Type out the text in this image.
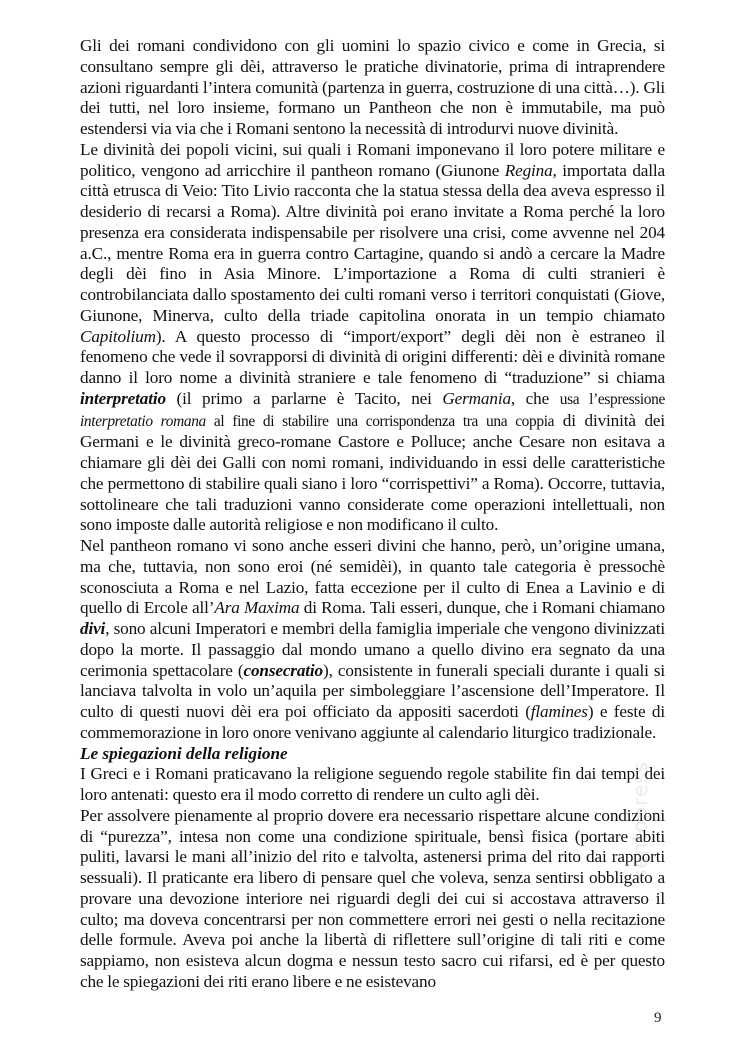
Gli dei romani condividono con gli uomini lo spazio civico e come in Grecia, si consultano sempre gli dèi, attraverso le pratiche divinatorie, prima di intraprendere azioni riguardanti l’intera comunità (partenza in guerra, costruzione di una città…). Gli dei tutti, nel loro insieme, formano un Pantheon che non è immutabile, ma può estendersi via via che i Romani sentono la necessità di introdurvi nuove divinità.

Le divinità dei popoli vicini, sui quali i Romani imponevano il loro potere militare e politico, vengono ad arricchire il pantheon romano (Giunone Regina, importata dalla città etrusca di Veio: Tito Livio racconta che la statua stessa della dea aveva espresso il desiderio di recarsi a Roma). Altre divinità poi erano invitate a Roma perché la loro presenza era considerata indispensabile per risolvere una crisi, come avvenne nel 204 a.C., mentre Roma era in guerra contro Cartagine, quando si andò a cercare la Madre degli dèi fino in Asia Minore. L’importazione a Roma di culti stranieri è controbilanciata dallo spostamento dei culti romani verso i territori conquistati (Giove, Giunone, Minerva, culto della triade capitolina onorata in un tempio chiamato Capitolium). A questo processo di “import/export” degli dèi non è estraneo il fenomeno che vede il sovrapporsi di divinità di origini differenti: dèi e divinità romane danno il loro nome a divinità straniere e tale fenomeno di “traduzione” si chiama interpretatio (il primo a parlarne è Tacito, nei Germania, che usa l’espressione interpretatio romana al fine di stabilire una corrispondenza tra una coppia di divinità dei Germani e le divinità greco-romane Castore e Polluce; anche Cesare non esitava a chiamare gli dèi dei Galli con nomi romani, individuando in essi delle caratteristiche che permettono di stabilire quali siano i loro “corrispettivi” a Roma). Occorre, tuttavia, sottolineare che tali traduzioni vanno considerate come operazioni intellettuali, non sono imposte dalle autorità religiose e non modificano il culto.

Nel pantheon romano vi sono anche esseri divini che hanno, però, un’origine umana, ma che, tuttavia, non sono eroi (né semidèi), in quanto tale categoria è pressochè sconosciuta a Roma e nel Lazio, fatta eccezione per il culto di Enea a Lavinio e di quello di Ercole all’Ara Maxima di Roma. Tali esseri, dunque, che i Romani chiamano divi, sono alcuni Imperatori e membri della famiglia imperiale che vengono divinizzati dopo la morte. Il passaggio dal mondo umano a quello divino era segnato da una cerimonia spettacolare (consecratio), consistente in funerali speciali durante i quali si lanciava talvolta in volo un’aquila per simboleggiare l’ascensione dell’Imperatore. Il culto di questi nuovi dèi era poi officiato da appositi sacerdoti (flamines) e feste di commemorazione in loro onore venivano aggiunte al calendario liturgico tradizionale.

Le spiegazioni della religione

I Greci e i Romani praticavano la religione seguendo regole stabilite fin dai tempi dei loro antenati: questo era il modo corretto di rendere un culto agli dèi.

Per assolvere pienamente al proprio dovere era necessario rispettare alcune condizioni di “purezza”, intesa non come una condizione spirituale, bensì fisica (portare abiti puliti, lavarsi le mani all’inizio del rito e talvolta, astenersi prima del rito dai rapporti sessuali). Il praticante era libero di pensare quel che voleva, senza sentirsi obbligato a provare una devozione interiore nei riguardi degli dei cui si accostava attraverso il culto; ma doveva concentrarsi per non commettere errori nei gesti o nella recitazione delle formule. Aveva poi anche la libertà di riflettere sull’origine di tali riti e come sappiamo, non esisteva alcun dogma e nessun testo sacro cui rifarsi, ed è per questo che le spiegazioni dei riti erano libere e ne esistevano

9
sentopress
